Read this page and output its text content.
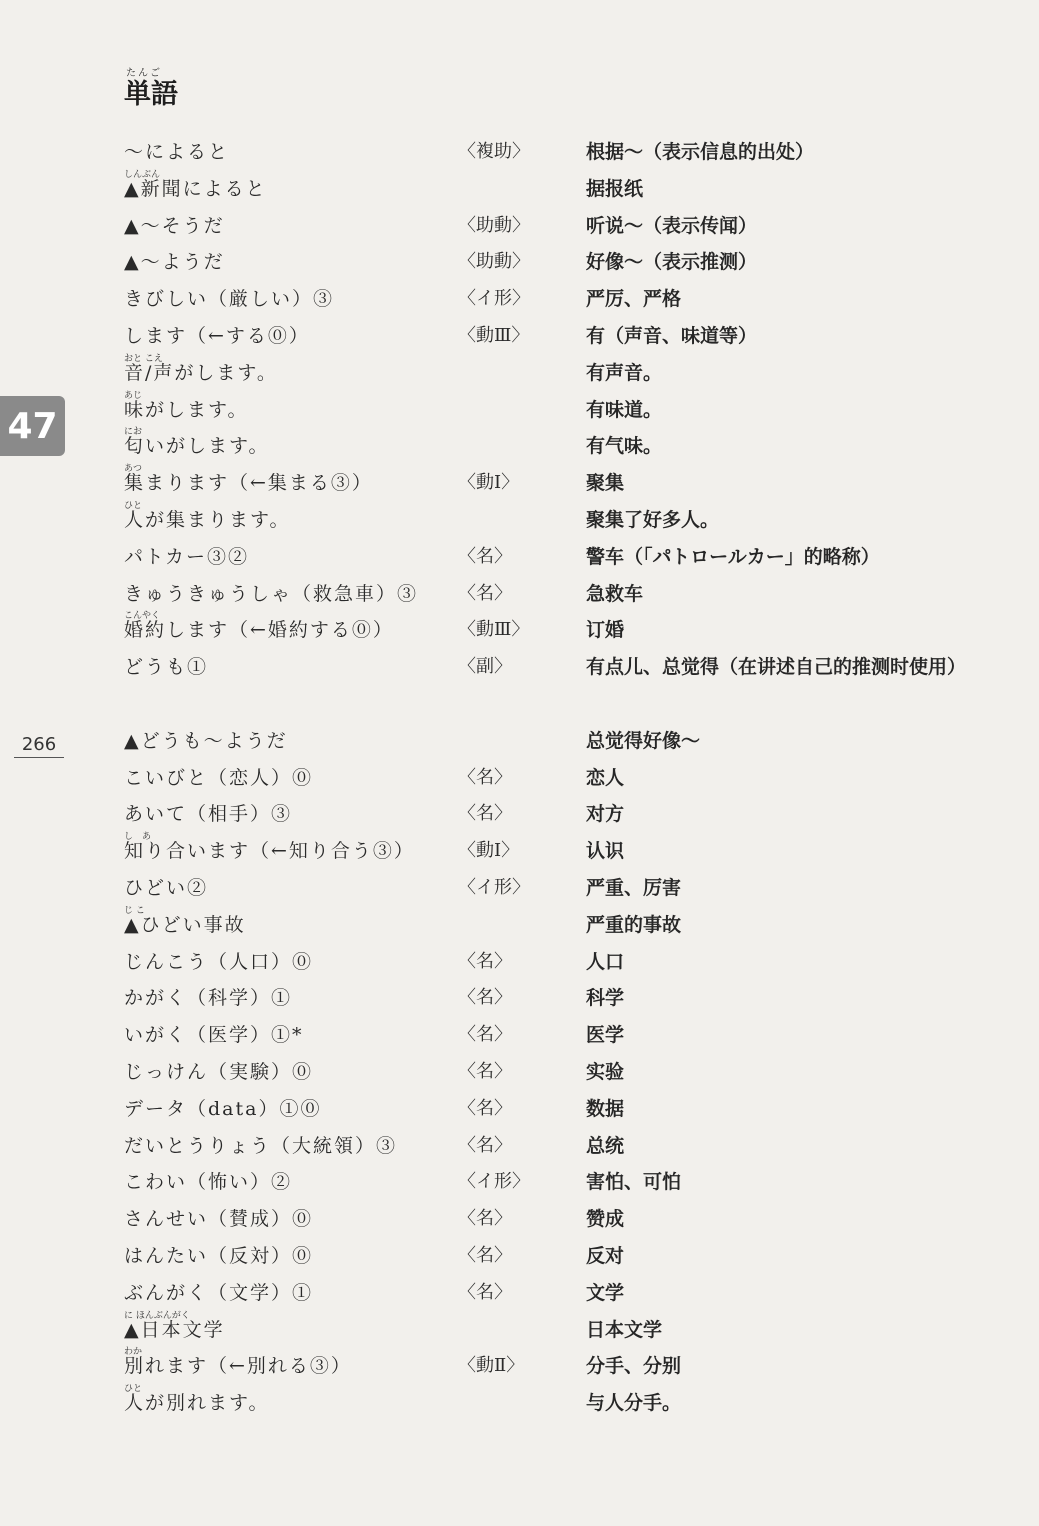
47
266
たんご
単語
～によると	〈複助〉	根据～（表示信息的出处）
しんぶん
▲新聞によると	据报纸
▲～そうだ	〈助動〉	听说～（表示传闻）
▲～ようだ	〈助動〉	好像～（表示推测）
きびしい（厳しい）③	〈イ形〉	严厉、严格
します（←する⓪）	〈動Ⅲ〉	有（声音、味道等）
おと こえ
音/声がします。	有声音。
あじ
味がします。	有味道。
にお
匂いがします。	有气味。
あつ
集まります（←集まる③）	〈動Ⅰ〉	聚集
ひと
人が集まります。	聚集了好多人。
パトカー③②	〈名〉	警车（「パトロールカー」的略称）
きゅうきゅうしゃ（救急車）③ 〈名〉	急救车
こんやく
婚約します（←婚約する⓪）	〈動Ⅲ〉	订婚
どうも①	〈副〉	有点儿、总觉得（在讲述自己的推测时使用）
▲どうも～ようだ	总觉得好像～
こいびと（恋人）⓪	〈名〉	恋人
あいて（相手）③	〈名〉	对方
し　あ
知り合います（←知り合う③） 〈動Ⅰ〉	认识
ひどい②	〈イ形〉	严重、厉害
じ こ
▲ひどい事故	严重的事故
じんこう（人口）⓪	〈名〉	人口
かがく（科学）①	〈名〉	科学
いがく（医学）①*	〈名〉	医学
じっけん（実験）⓪	〈名〉	实验
データ（data）①⓪	〈名〉	数据
だいとうりょう（大統領）③	〈名〉	总统
こわい（怖い）②	〈イ形〉	害怕、可怕
さんせい（賛成）⓪	〈名〉	赞成
はんたい（反対）⓪	〈名〉	反对
ぶんがく（文学）①	〈名〉	文学
に ほんぶんがく
▲日本文学	日本文学
わか
別れます（←別れる③）	〈動Ⅱ〉	分手、分别
ひと
人が別れます。	与人分手。
